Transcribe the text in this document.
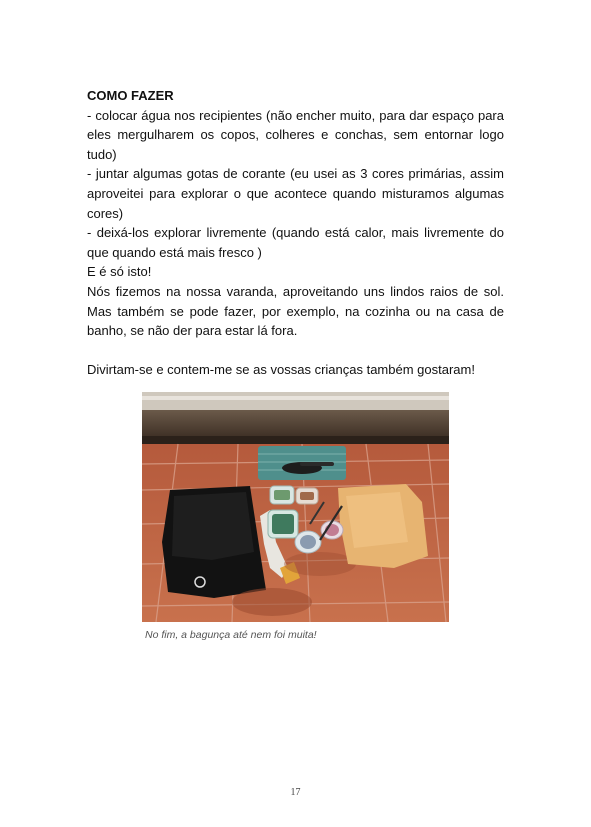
COMO FAZER
- colocar água nos recipientes (não encher muito, para dar espaço para eles mergulharem os copos, colheres e conchas, sem entornar logo tudo)
- juntar algumas gotas de corante (eu usei as 3 cores primárias, assim aproveitei para explorar o que acontece quando misturamos algumas cores)
- deixá-los explorar livremente (quando está calor, mais livremente do que quando está mais fresco )
E é só isto!
Nós fizemos na nossa varanda, aproveitando uns lindos raios de sol. Mas também se pode fazer, por exemplo, na cozinha ou na casa de banho, se não der para estar lá fora.
Divirtam-se e contem-me se as vossas crianças também gostaram!
No fim, a bagunça até nem foi muita!
17
